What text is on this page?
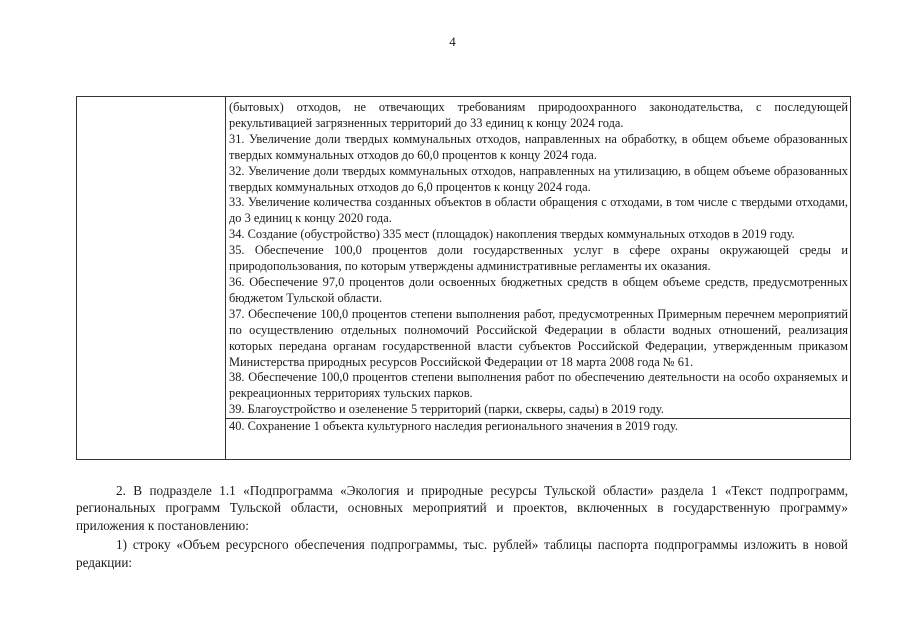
4

(бытовых) отходов, не отвечающих требованиям природоохранного законодательства, с последующей рекультивацией загрязненных территорий до 33 единиц к концу 2024 года.

31. Увеличение доли твердых коммунальных отходов, направленных на обработку, в общем объеме образованных твердых коммунальных отходов до 60,0 процентов к концу 2024 года.

32. Увеличение доли твердых коммунальных отходов, направленных на утилизацию, в общем объеме образованных твердых коммунальных отходов до 6,0 процентов к концу 2024 года.

33. Увеличение количества созданных объектов в области обращения с отходами, в том числе с твердыми отходами, до 3 единиц к концу 2020 года.

34. Создание (обустройство) 335 мест (площадок) накопления твердых коммунальных отходов в 2019 году.

35. Обеспечение 100,0 процентов доли государственных услуг в сфере охраны окружающей среды и природопользования, по которым утверждены административные регламенты их оказания.

36. Обеспечение 97,0 процентов доли освоенных бюджетных средств в общем объеме средств, предусмотренных бюджетом Тульской области.

37. Обеспечение 100,0 процентов степени выполнения работ, предусмотренных Примерным перечнем мероприятий по осуществлению отдельных полномочий Российской Федерации в области водных отношений, реализация которых передана органам государственной власти субъектов Российской Федерации, утвержденным приказом Министерства природных ресурсов Российской Федерации от 18 марта 2008 года № 61.

38. Обеспечение 100,0 процентов степени выполнения работ по обеспечению деятельности на особо охраняемых и рекреационных территориях тульских парков.

39. Благоустройство и озеленение 5 территорий (парки, скверы, сады) в 2019 году.

40. Сохранение 1 объекта культурного наследия регионального значения в 2019 году.

2. В подразделе 1.1 «Подпрограмма «Экология и природные ресурсы Тульской области» раздела 1 «Текст подпрограмм, региональных программ Тульской области, основных мероприятий и проектов, включенных в государственную программу» приложения к постановлению:

1) строку «Объем ресурсного обеспечения подпрограммы, тыс. рублей» таблицы паспорта подпрограммы изложить в новой редакции:
